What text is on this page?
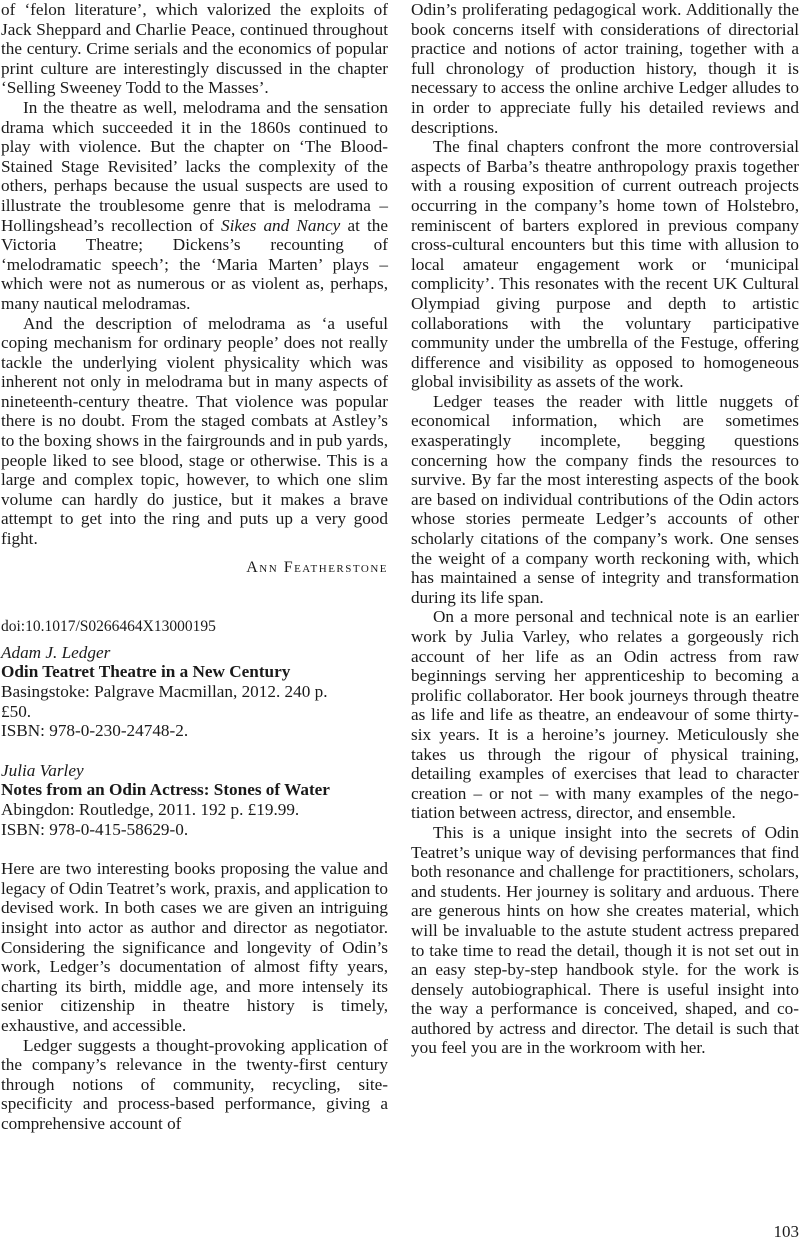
of ‘felon literature’, which valorized the exploits of Jack Sheppard and Charlie Peace, continued throughout the century. Crime serials and the economics of popular print culture are interestingly discussed in the chapter ‘Selling Sweeney Todd to the Masses’.

In the theatre as well, melodrama and the sensation drama which succeeded it in the 1860s continued to play with violence. But the chapter on ‘The Blood-Stained Stage Revisited’ lacks the complexity of the others, perhaps because the usual suspects are used to illustrate the troublesome genre that is melodrama – Hollingshead’s recollection of Sikes and Nancy at the Victoria Theatre; Dickens’s recounting of ‘melodramatic speech’; the ‘Maria Marten’ plays – which were not as numerous or as violent as, perhaps, many nautical melodramas.

And the description of melodrama as ‘a useful coping mechanism for ordinary people’ does not really tackle the underlying violent physicality which was inherent not only in melodrama but in many aspects of nineteenth-century theatre. That violence was popular there is no doubt. From the staged combats at Astley’s to the boxing shows in the fairgrounds and in pub yards, people liked to see blood, stage or otherwise. This is a large and complex topic, however, to which one slim volume can hardly do justice, but it makes a brave attempt to get into the ring and puts up a very good fight.

Ann Featherstone

doi:10.1017/S0266464X13000195

Adam J. Ledger
Odin Teatret Theatre in a New Century
Basingstoke: Palgrave Macmillan, 2012. 240 p.
£50.
ISBN: 978-0-230-24748-2.
Julia Varley
Notes from an Odin Actress: Stones of Water
Abingdon: Routledge, 2011. 192 p. £19.99.
ISBN: 978-0-415-58629-0.

Here are two interesting books proposing the value and legacy of Odin Teatret’s work, praxis, and application to devised work. In both cases we are given an intriguing insight into actor as author and director as negotiator. Considering the significance and longevity of Odin’s work, Ledger’s documentation of almost fifty years, charting its birth, middle age, and more intensely its senior citizenship in theatre history is timely, exhaustive, and accessible.

Ledger suggests a thought-provoking application of the company’s relevance in the twenty-first century through notions of community, recycling, site-specificity and process-based performance, giving a comprehensive account of

Odin’s proliferating pedagogical work. Additionally the book concerns itself with considerations of directorial practice and notions of actor training, together with a full chronology of production history, though it is necessary to access the online archive Ledger alludes to in order to appreciate fully his detailed reviews and descriptions.

The final chapters confront the more controversial aspects of Barba’s theatre anthropology praxis together with a rousing exposition of current outreach projects occurring in the company’s home town of Holstebro, reminiscent of barters explored in previous company cross-cultural encounters but this time with allusion to local amateur engagement work or ‘municipal complicity’. This resonates with the recent UK Cultural Olympiad giving purpose and depth to artistic collaborations with the voluntary participative community under the umbrella of the Festuge, offering difference and visibility as opposed to homogeneous global invisibility as assets of the work.

Ledger teases the reader with little nuggets of economical information, which are sometimes exasperatingly incomplete, begging questions concerning how the company finds the resources to survive. By far the most interesting aspects of the book are based on individual contributions of the Odin actors whose stories permeate Ledger’s accounts of other scholarly citations of the company’s work. One senses the weight of a company worth reckoning with, which has maintained a sense of integrity and transformation during its life span.

On a more personal and technical note is an earlier work by Julia Varley, who relates a gorgeously rich account of her life as an Odin actress from raw beginnings serving her apprenticeship to becoming a prolific collaborator. Her book journeys through theatre as life and life as theatre, an endeavour of some thirty-six years. It is a heroine’s journey. Meticulously she takes us through the rigour of physical training, detailing examples of exercises that lead to character creation – or not – with many examples of the negotiation between actress, director, and ensemble.

This is a unique insight into the secrets of Odin Teatret’s unique way of devising performances that find both resonance and challenge for practitioners, scholars, and students. Her journey is solitary and arduous. There are generous hints on how she creates material, which will be invaluable to the astute student actress prepared to take time to read the detail, though it is not set out in an easy step-by-step handbook style. for the work is densely autobiographical. There is useful insight into the way a performance is conceived, shaped, and co-authored by actress and director. The detail is such that you feel you are in the workroom with her.

103
